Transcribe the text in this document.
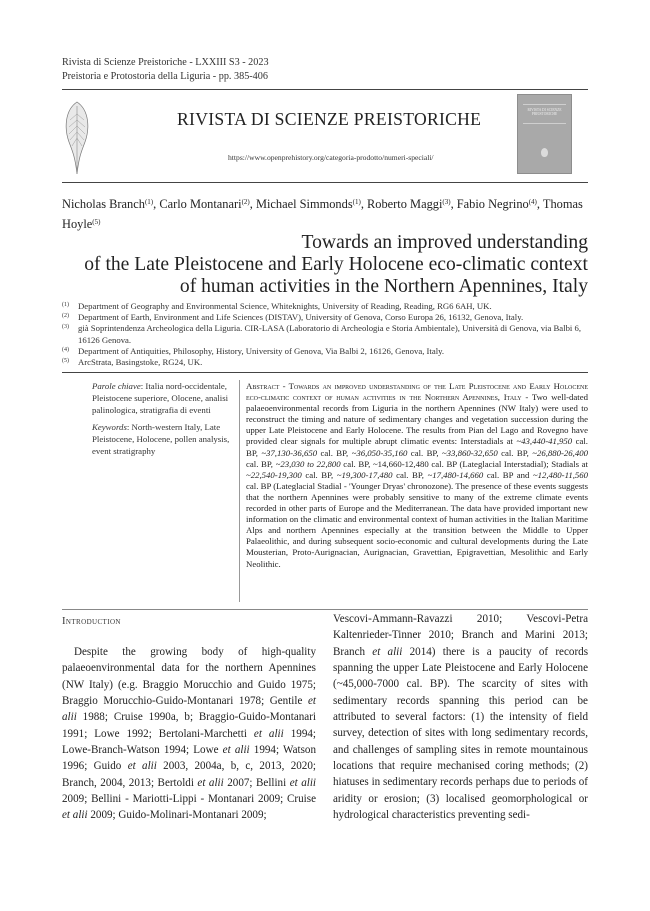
Rivista di Scienze Preistoriche - LXXIII S3 - 2023
Preistoria e Protostoria della Liguria - pp. 385-406
RIVISTA DI SCIENZE PREISTORICHE
https://www.openprehistory.org/categoria-prodotto/numeri-speciali/
RIVISTA DI SCIENZE PREISTORICHE
Nicholas Branch$^{(1)}$, Carlo Montanari$^{(2)}$, Michael Simmonds$^{(1)}$, Roberto Maggi$^{(3)}$, Fabio Negrino$^{(4)}$, Thomas Hoyle$^{(5)}$
Towards an improved understanding
of the Late Pleistocene and Early Holocene eco-climatic context
of human activities in the Northern Apennines, Italy
(1) Department of Geography and Environmental Science, Whiteknights, University of Reading, Reading, RG6 6AH, UK.
(2) Department of Earth, Environment and Life Sciences (DISTAV), University of Genova, Corso Europa 26, 16132, Genova, Italy.
(3) già Soprintendenza Archeologica della Liguria. CIR-LASA (Laboratorio di Archeologia e Storia Ambientale), Università di Genova, via Balbi 6, 16126 Genova.
(4) Department of Antiquities, Philosophy, History, University of Genova, Via Balbi 2, 16126, Genova, Italy.
(5) ArcStrata, Basingstoke, RG24, UK.
Parole chiave: Italia nord-occidentale, Pleistocene superiore, Olocene, analisi palinologica, stratigrafia di eventi
Keywords: North-western Italy, Late Pleistocene, Holocene, pollen analysis, event stratigraphy
Abstract - Towards an improved understanding of the Late Pleistocene and Early Holocene eco-climatic context of human activities in the Northern Apennines, Italy - Two well-dated palaeoenvironmental records from Liguria in the northern Apennines (NW Italy) were used to reconstruct the timing and nature of sedimentary changes and vegetation succession during the upper Late Pleistocene and Early Holocene. The results from Pian del Lago and Rovegno have provided clear signals for multiple abrupt climatic events: Interstadials at ~43,440-41,950 cal. BP, ~37,130-36,650 cal. BP, ~36,050-35,160 cal. BP, ~33,860-32,650 cal. BP, ~26,880-26,400 cal. BP, ~23,030 to 22,800 cal. BP, ~14,660-12,480 cal. BP (Lateglacial Interstadial); Stadials at ~22,540-19,300 cal. BP, ~19,300-17,480 cal. BP, ~17,480-14,660 cal. BP and ~12,480-11,560 cal. BP (Lateglacial Stadial - 'Younger Dryas' chronozone). The presence of these events suggests that the northern Apennines were probably sensitive to many of the extreme climate events recorded in other parts of Europe and the Mediterranean. The data have provided important new information on the climatic and environmental context of human activities in the Italian Maritime Alps and northern Apennines especially at the transition between the Middle to Upper Palaeolithic, and during subsequent socio-economic and cultural developments during the Late Mousterian, Proto-Aurignacian, Aurignacian, Gravettian, Epigravettian, Mesolithic and Early Neolithic.
Introduction
Despite the growing body of high-quality palaeoenvironmental data for the northern Apennines (NW Italy) (e.g. Braggio Morucchio and Guido 1975; Braggio Morucchio-Guido-Montanari 1978; Gentile et alii 1988; Cruise 1990a, b; Braggio-Guido-Montanari 1991; Lowe 1992; Bertolani-Marchetti et alii 1994; Lowe-Branch-Watson 1994; Lowe et alii 1994; Watson 1996; Guido et alii 2003, 2004a, b, c, 2013, 2020; Branch, 2004, 2013; Bertoldi et alii 2007; Bellini et alii 2009; Bellini - Mariotti-Lippi - Montanari 2009; Cruise et alii 2009; Guido-Molinari-Montanari 2009;
Vescovi-Ammann-Ravazzi 2010; Vescovi-Petra Kaltenrieder-Tinner 2010; Branch and Marini 2013; Branch et alii 2014) there is a paucity of records spanning the upper Late Pleistocene and Early Holocene (~45,000-7000 cal. BP). The scarcity of sites with sedimentary records spanning this period can be attributed to several factors: (1) the intensity of field survey, detection of sites with long sedimentary records, and challenges of sampling sites in remote mountainous locations that require mechanised coring methods; (2) hiatuses in sedimentary records perhaps due to periods of aridity or erosion; (3) localised geomorphological or hydrological characteristics preventing sedi-
